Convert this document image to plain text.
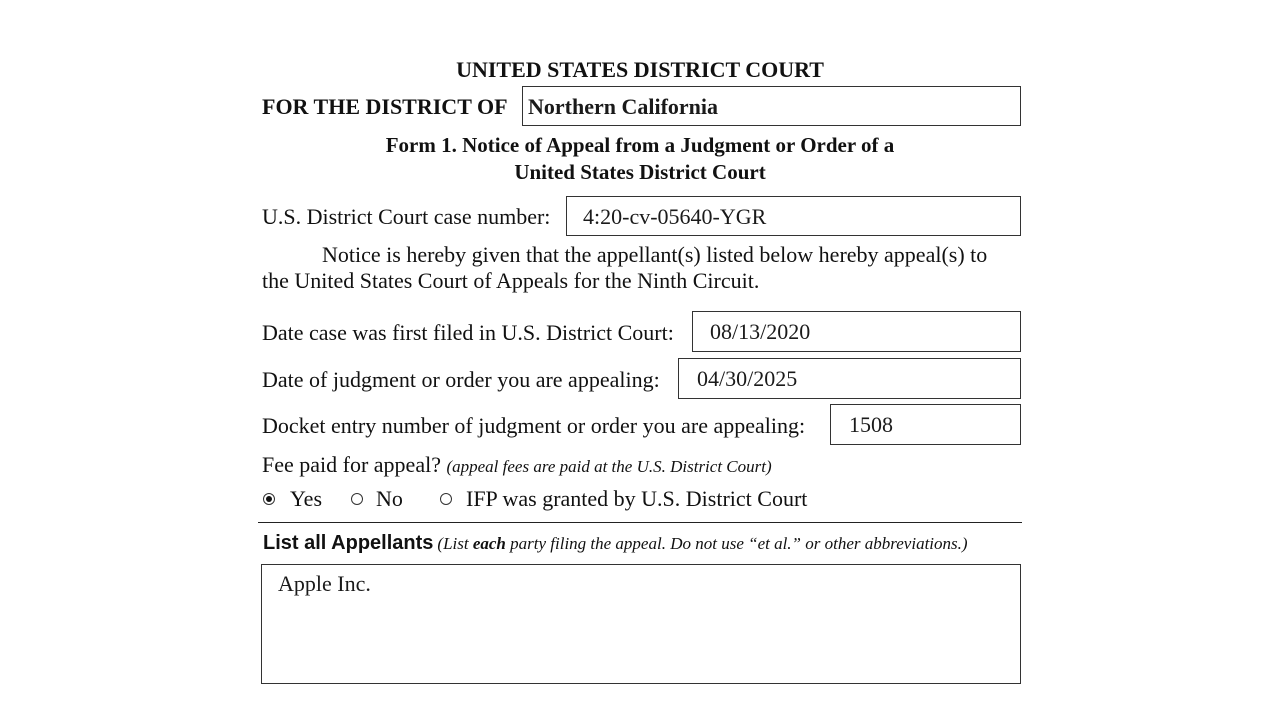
UNITED STATES DISTRICT COURT
FOR THE DISTRICT OF Northern California
Form 1. Notice of Appeal from a Judgment or Order of a
United States District Court
U.S. District Court case number: 4:20-cv-05640-YGR
Notice is hereby given that the appellant(s) listed below hereby appeal(s) to
the United States Court of Appeals for the Ninth Circuit.
Date case was first filed in U.S. District Court: 08/13/2020
Date of judgment or order you are appealing: 04/30/2025
Docket entry number of judgment or order you are appealing: 1508
Fee paid for appeal? (appeal fees are paid at the U.S. District Court)
Yes No	IFP was granted by U.S. District Court
List all Appellants (List each party filing the appeal. Do not use “et al.” or other abbreviations.)
Apple Inc.
